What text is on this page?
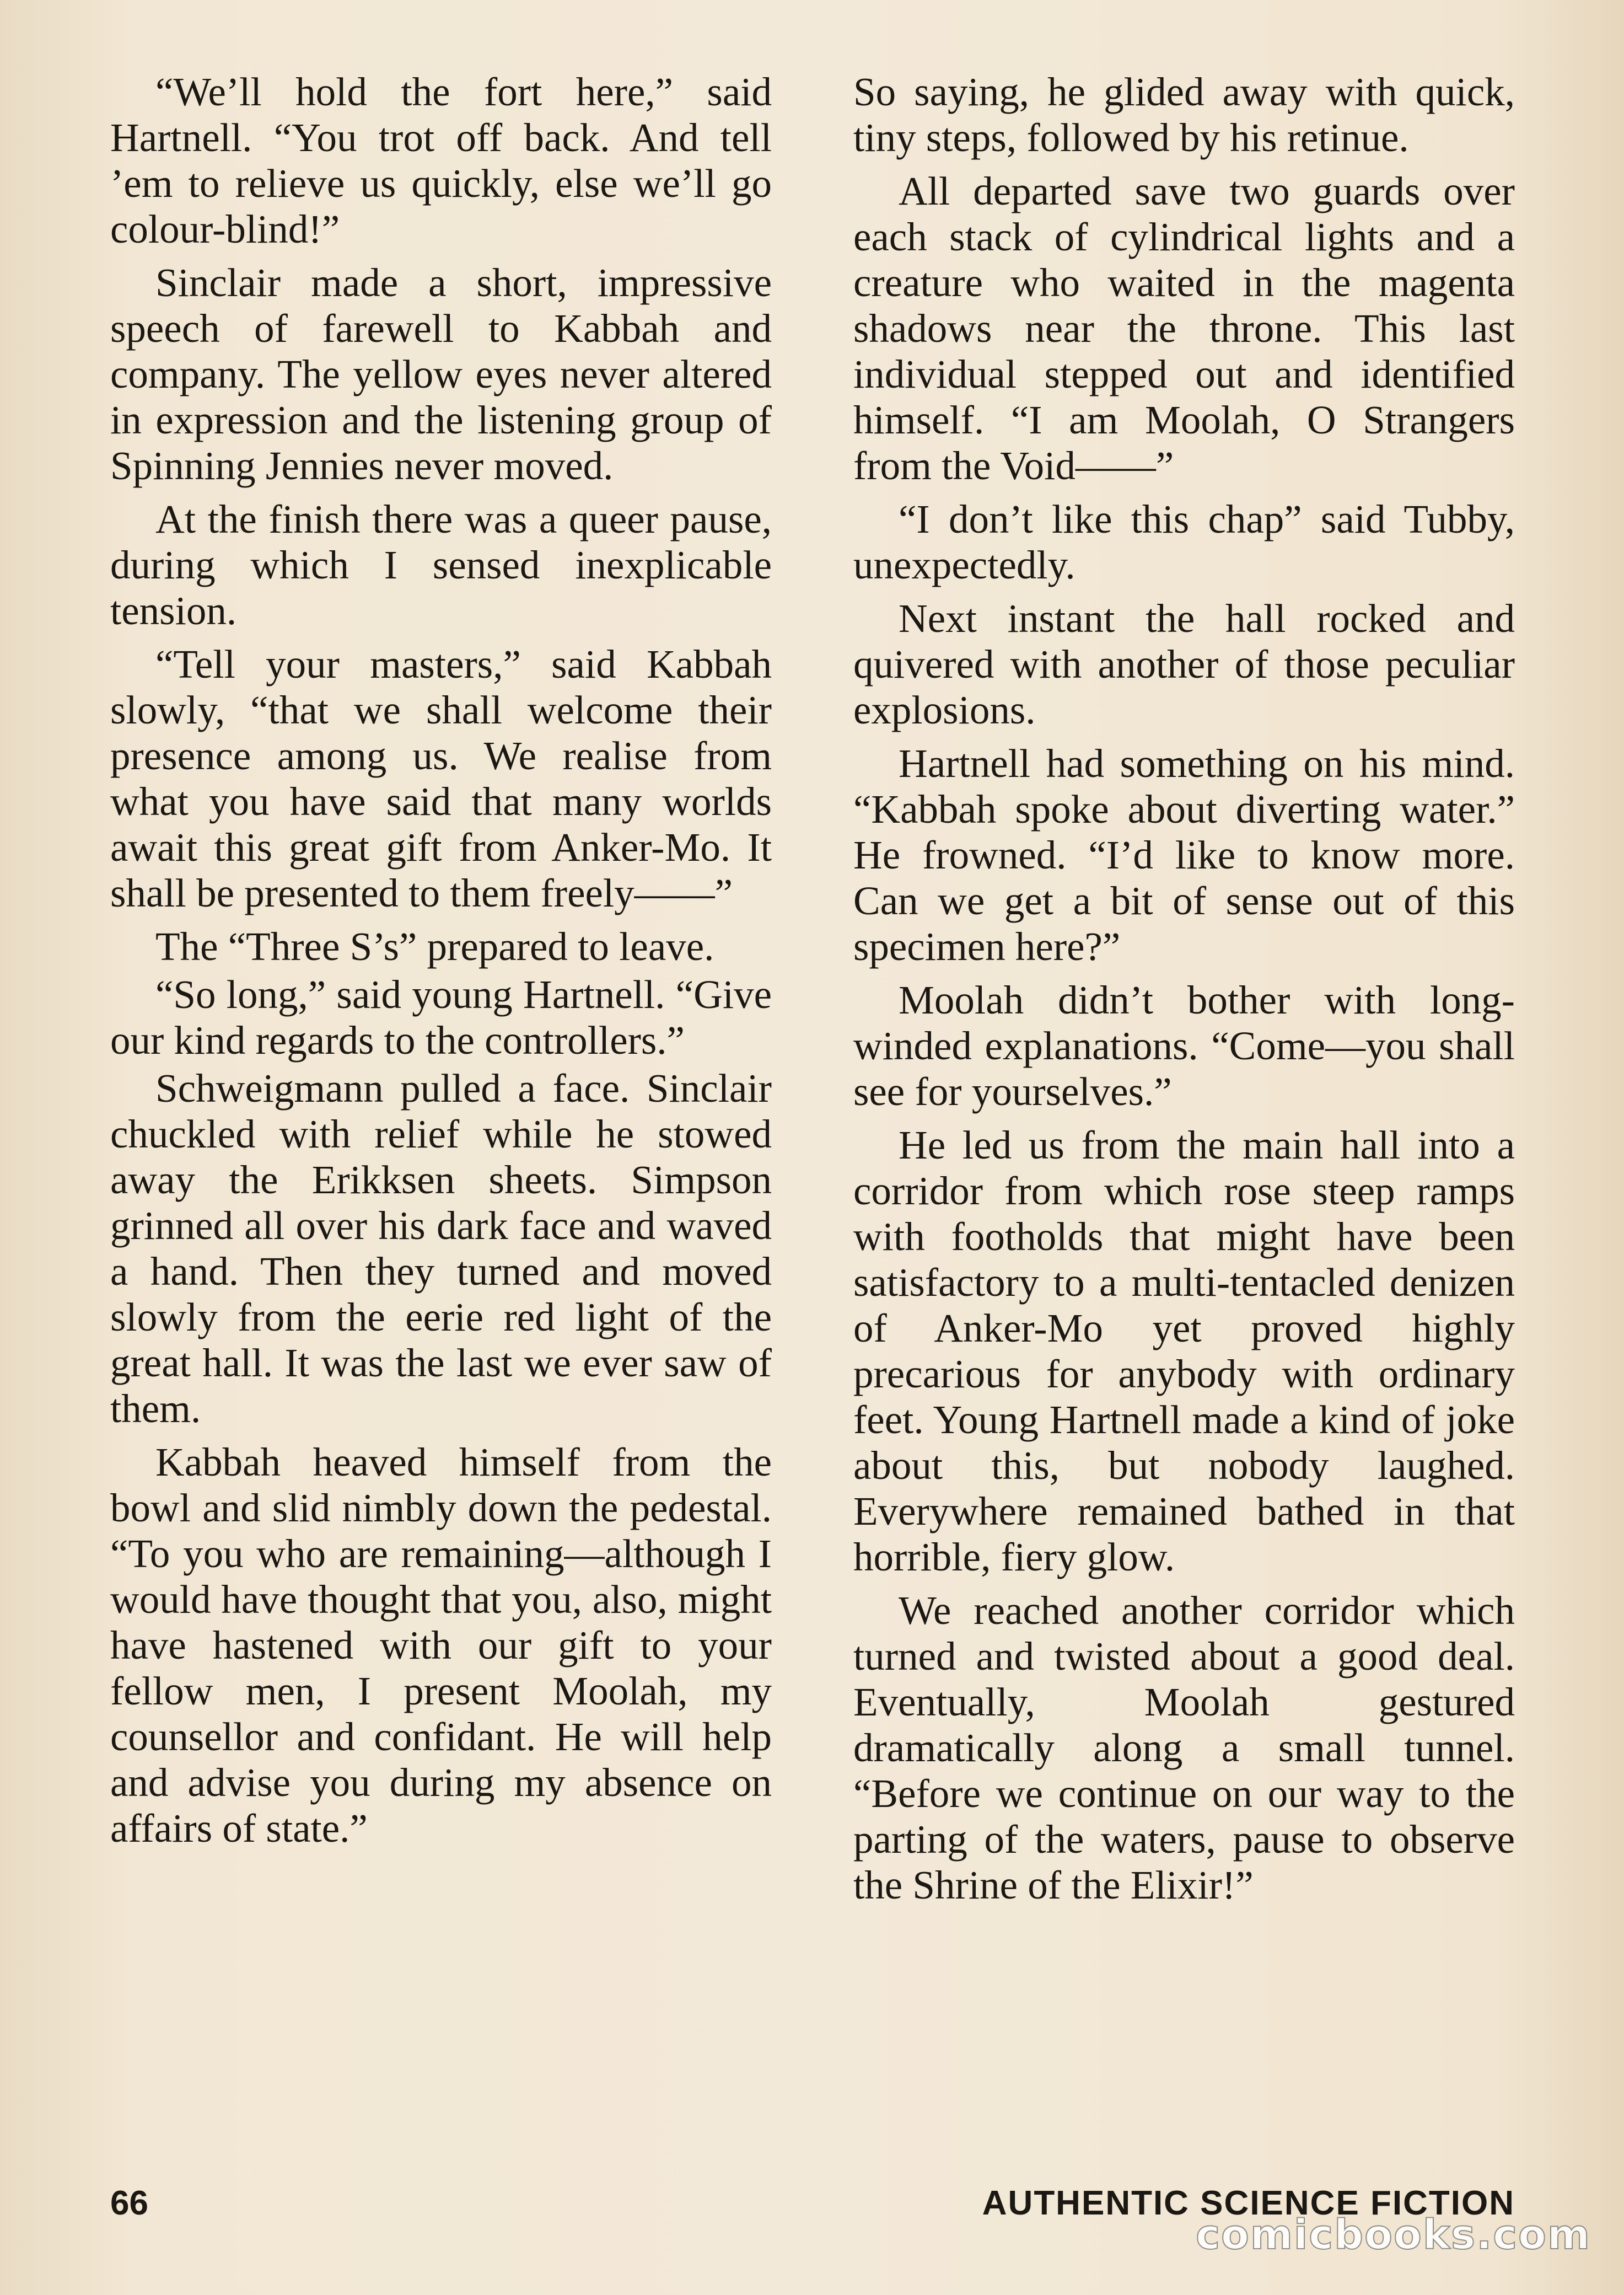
“We’ll hold the fort here,” said Hartnell. “You trot off back. And tell ’em to relieve us quickly, else we’ll go colour-blind!”

Sinclair made a short, impressive speech of farewell to Kabbah and company. The yellow eyes never altered in expression and the listening group of Spinning Jennies never moved.

At the finish there was a queer pause, during which I sensed inexplicable tension.

“Tell your masters,” said Kabbah slowly, “that we shall welcome their presence among us. We realise from what you have said that many worlds await this great gift from Anker-Mo. It shall be presented to them freely——”

The “Three S’s” prepared to leave.

“So long,” said young Hartnell. “Give our kind regards to the controllers.”

Schweigmann pulled a face. Sinclair chuckled with relief while he stowed away the Erikksen sheets. Simpson grinned all over his dark face and waved a hand. Then they turned and moved slowly from the eerie red light of the great hall. It was the last we ever saw of them.

Kabbah heaved himself from the bowl and slid nimbly down the pedestal. “To you who are remaining—although I would have thought that you, also, might have hastened with our gift to your fellow men, I present Moolah, my counsellor and confidant. He will help and advise you during my absence on affairs of state.”

So saying, he glided away with quick, tiny steps, followed by his retinue.

All departed save two guards over each stack of cylindrical lights and a creature who waited in the magenta shadows near the throne. This last individual stepped out and identified himself. “I am Moolah, O Strangers from the Void——”

“I don’t like this chap” said Tubby, unexpectedly.

Next instant the hall rocked and quivered with another of those peculiar explosions.

Hartnell had something on his mind. “Kabbah spoke about diverting water.” He frowned. “I’d like to know more. Can we get a bit of sense out of this specimen here?”

Moolah didn’t bother with long-winded explanations. “Come—you shall see for yourselves.”

He led us from the main hall into a corridor from which rose steep ramps with footholds that might have been satisfactory to a multi-tentacled denizen of Anker-Mo yet proved highly precarious for anybody with ordinary feet. Young Hartnell made a kind of joke about this, but nobody laughed. Everywhere remained bathed in that horrible, fiery glow.

We reached another corridor which turned and twisted about a good deal. Eventually, Moolah gestured dramatically along a small tunnel. “Before we continue on our way to the parting of the waters, pause to observe the Shrine of the Elixir!”

66	AUTHENTIC SCIENCE FICTION
comicbooks.com
